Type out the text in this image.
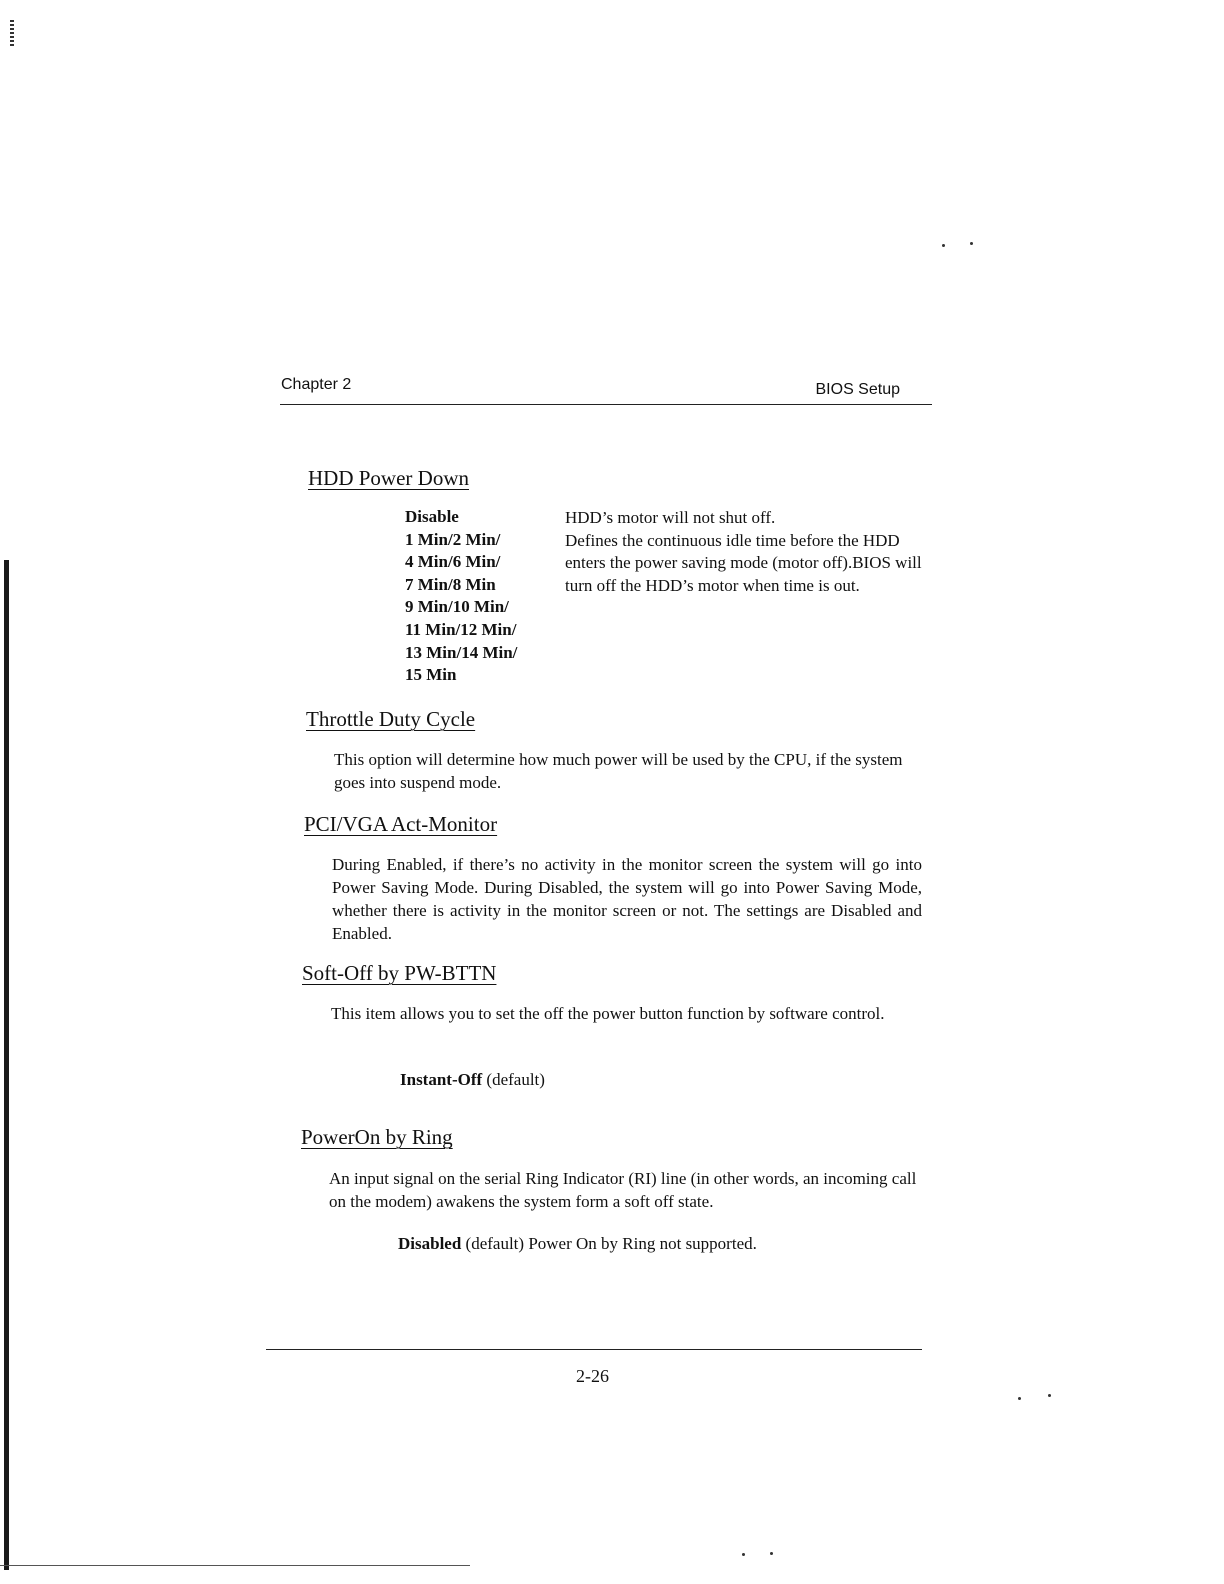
Chapter 2	BIOS Setup
HDD Power Down
Disable
1 Min/2 Min/
4 Min/6 Min/
7 Min/8 Min
9 Min/10 Min/
11 Min/12 Min/
13 Min/14 Min/
15 Min
HDD’s motor will not shut off.
Defines the continuous idle time before the HDD enters the power saving mode (motor off).BIOS will turn off the HDD’s motor when time is out.
Throttle Duty Cycle

This option will determine how much power will be used by the CPU, if the system goes into suspend mode.

PCI/VGA Act-Monitor

During Enabled, if there’s no activity in the monitor screen the system will go into Power Saving Mode. During Disabled, the system will go into Power Saving Mode, whether there is activity in the monitor screen or not. The settings are Disabled and Enabled.

Soft-Off by PW-BTTN

This item allows you to set the off the power button function by software control.

Instant-Off (default)
PowerOn by Ring

An input signal on the serial Ring Indicator (RI) line (in other words, an incoming call on the modem) awakens the system form a soft off state.

Disabled (default) Power On by Ring not supported.
2-26
